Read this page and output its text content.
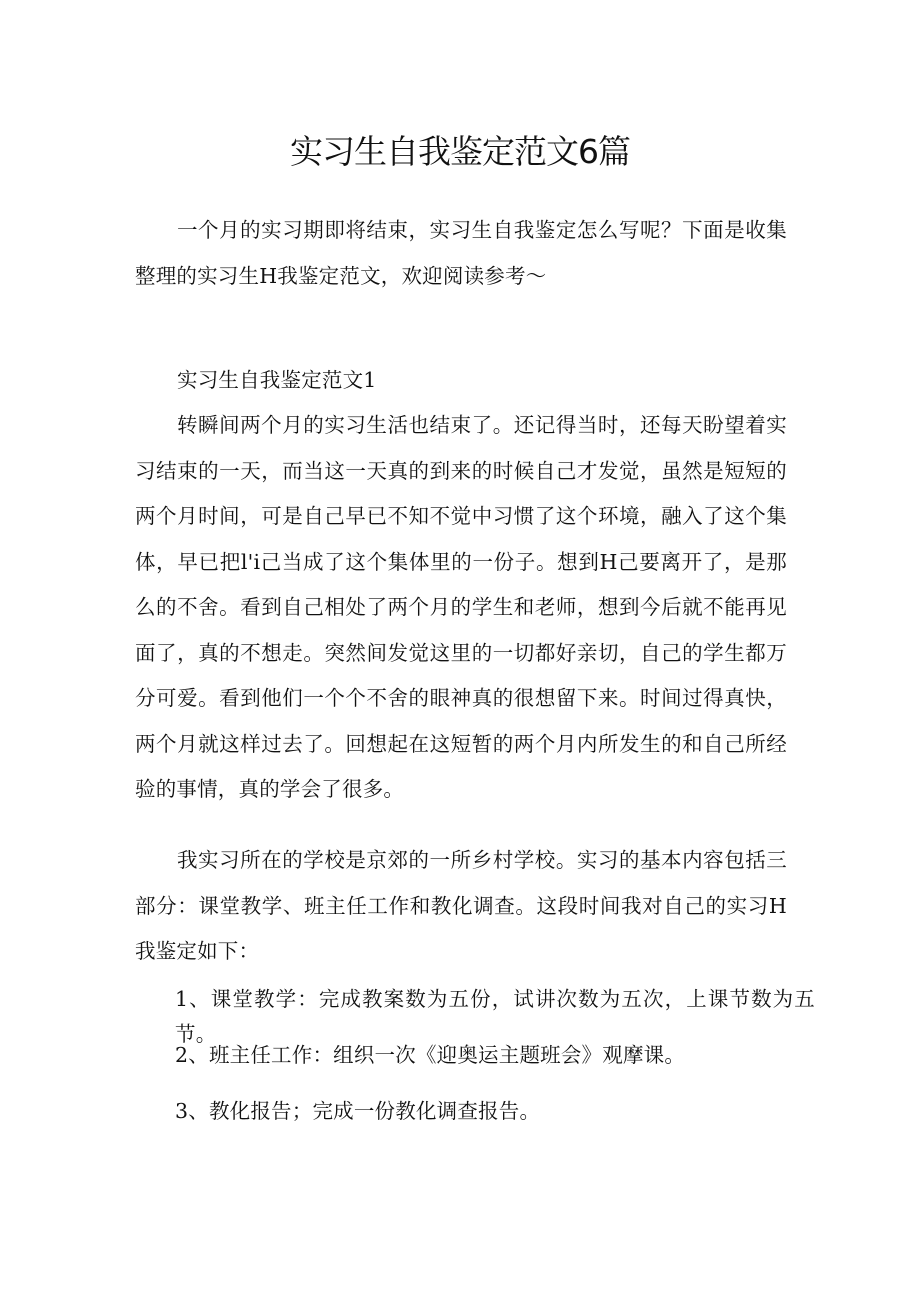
实习生自我鉴定范文6篇

一个月的实习期即将结束，实习生自我鉴定怎么写呢？下面是收集整理的实习生H我鉴定范文，欢迎阅读参考～

实习生自我鉴定范文1

转瞬间两个月的实习生活也结束了。还记得当时，还每天盼望着实习结束的一天，而当这一天真的到来的时候自己才发觉，虽然是短短的两个月时间，可是自己早已不知不觉中习惯了这个环境，融入了这个集体，早已把l'i己当成了这个集体里的一份子。想到H己要离开了，是那么的不舍。看到自己相处了两个月的学生和老师，想到今后就不能再见面了，真的不想走。突然间发觉这里的一切都好亲切，自己的学生都万分可爱。看到他们一个个不舍的眼神真的很想留下来。时间过得真快，两个月就这样过去了。回想起在这短暂的两个月内所发生的和自己所经验的事情，真的学会了很多。

我实习所在的学校是京郊的一所乡村学校。实习的基本内容包括三部分：课堂教学、班主任工作和教化调查。这段时间我对自己的实习H我鉴定如下：

1、课堂教学：完成教案数为五份，试讲次数为五次，上课节数为五节。
2、班主任工作：组织一次《迎奥运主题班会》观摩课。
3、教化报告；完成一份教化调查报告。
